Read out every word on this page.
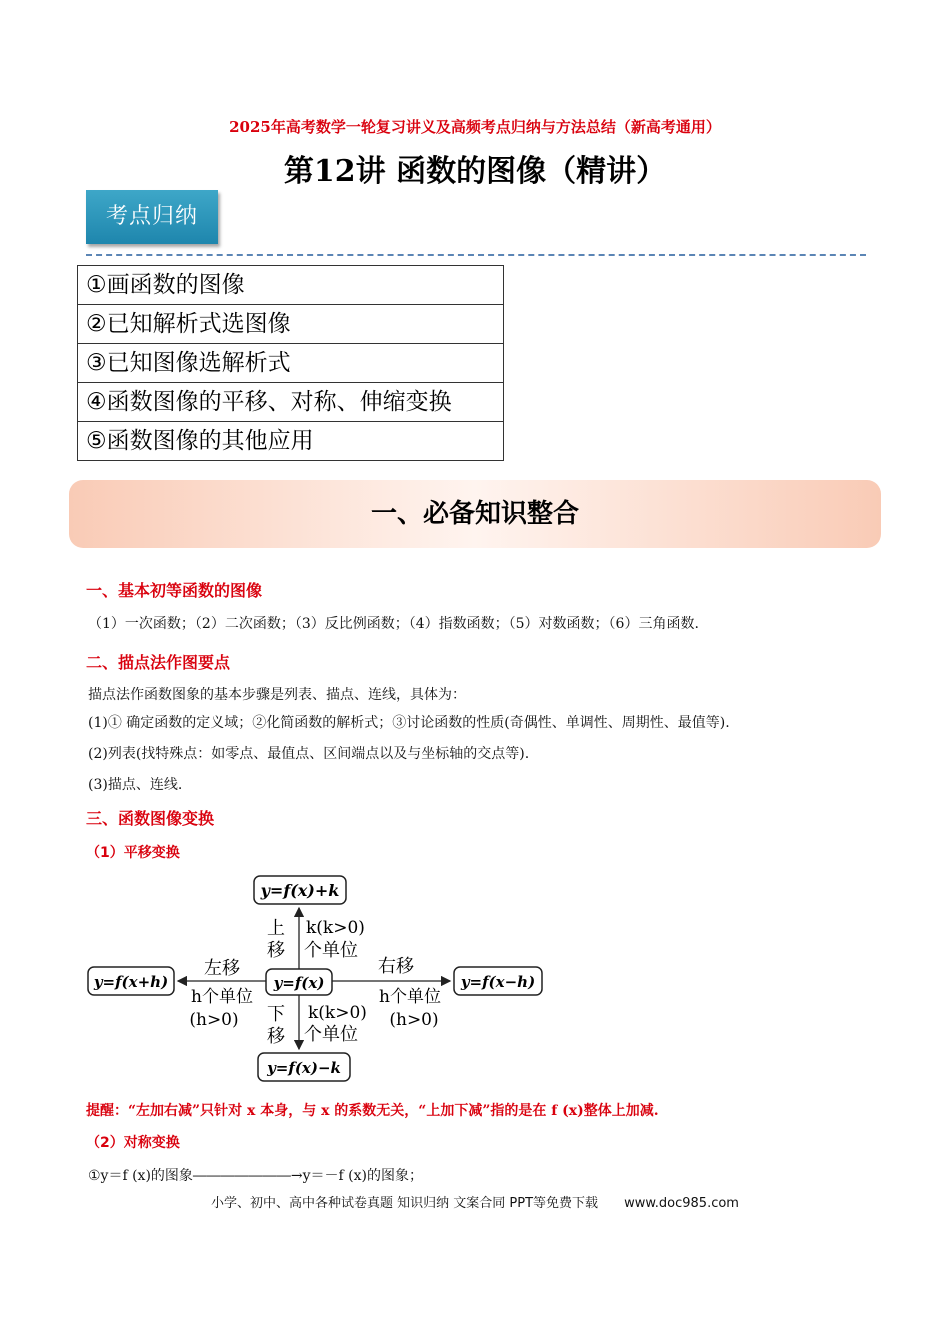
2025年高考数学一轮复习讲义及高频考点归纳与方法总结（新高考通用）
第12讲 函数的图像（精讲）
考点归纳
①画函数的图像
②已知解析式选图像
③已知图像选解析式
④函数图像的平移、对称、伸缩变换
⑤函数图像的其他应用
一、必备知识整合
一、基本初等函数的图像
（1）一次函数；（2）二次函数；（3）反比例函数；（4）指数函数；（5）对数函数；（6）三角函数.
二、描点法作图要点
描点法作函数图象的基本步骤是列表、描点、连线，具体为：
(1)① 确定函数的定义域；②化简函数的解析式；③讨论函数的性质(奇偶性、单调性、周期性、最值等).
(2)列表(找特殊点：如零点、最值点、区间端点以及与坐标轴的交点等).
(3)描点、连线.
三、函数图像变换
（1）平移变换
y=f(x)+k
y=f(x)
y=f(x+h)	y=f(x−h)
y=f(x)−k
上
移
k(k>0)
个单位
下
移
k(k>0)
个单位
左移
h个单位
(h>0)
右移
h个单位
(h>0)
提醒：“左加右减”只针对 x 本身，与 x 的系数无关，“上加下减”指的是在 f (x)整体上加减.
（2）对称变换
①y＝f (x)的图象―――――――→y＝－f (x)的图象；
小学、初中、高中各种试卷真题 知识归纳 文案合同 PPT等免费下载 www.doc985.com
